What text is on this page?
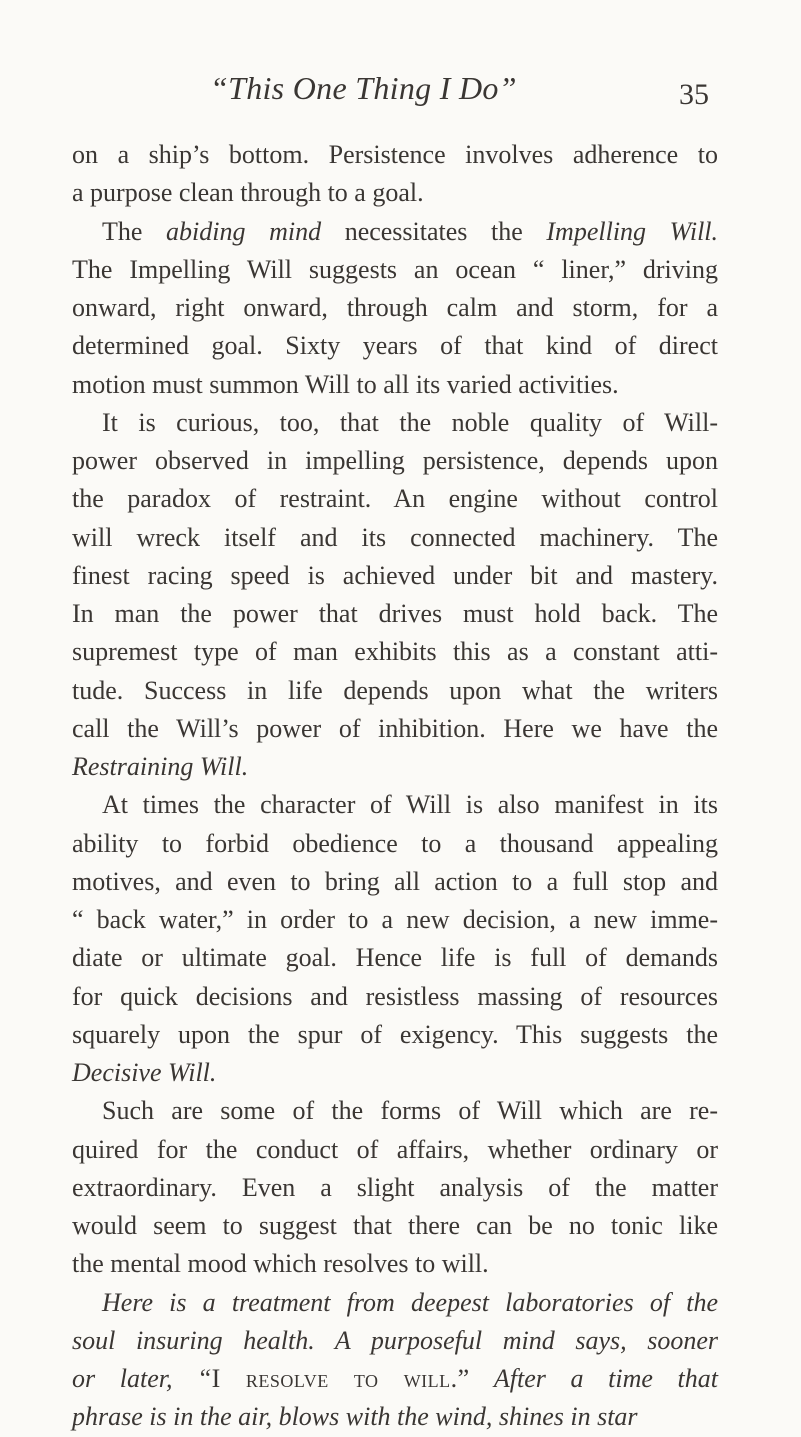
“This One Thing I Do”	35
on a ship’s bottom. Persistence involves adherence to
a purpose clean through to a goal.
The abiding mind necessitates the Impelling Will.
The Impelling Will suggests an ocean “ liner,” driving
onward, right onward, through calm and storm, for a
determined goal. Sixty years of that kind of direct
motion must summon Will to all its varied activities.
It is curious, too, that the noble quality of Will-
power observed in impelling persistence, depends upon
the paradox of restraint. An engine without control
will wreck itself and its connected machinery. The
finest racing speed is achieved under bit and mastery.
In man the power that drives must hold back. The
supremest type of man exhibits this as a constant atti-
tude. Success in life depends upon what the writers
call the Will’s power of inhibition. Here we have the
Restraining Will.
At times the character of Will is also manifest in its
ability to forbid obedience to a thousand appealing
motives, and even to bring all action to a full stop and
“ back water,” in order to a new decision, a new imme-
diate or ultimate goal. Hence life is full of demands
for quick decisions and resistless massing of resources
squarely upon the spur of exigency. This suggests the
Decisive Will.
Such are some of the forms of Will which are re-
quired for the conduct of affairs, whether ordinary or
extraordinary. Even a slight analysis of the matter
would seem to suggest that there can be no tonic like
the mental mood which resolves to will.
Here is a treatment from deepest laboratories of the
soul insuring health. A purposeful mind says, sooner
or later, “I resolve to will.” After a time that
phrase is in the air, blows with the wind, shines in star
